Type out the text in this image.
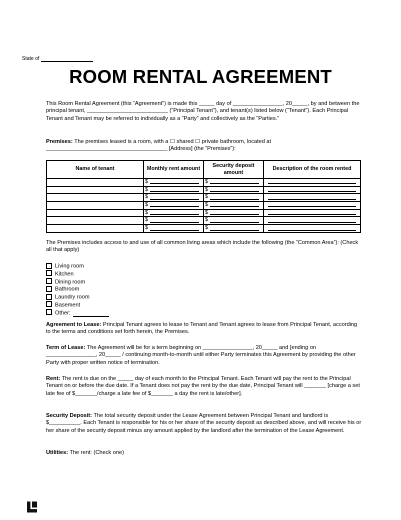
State of
ROOM RENTAL AGREEMENT
This Room Rental Agreement (this “Agreement”) is made this _____ day of ________________, 20_____, by and between the principal tenant, __________________________ (“Principal Tenant”), and tenant(s) listed below (“Tenant”). Each Principal Tenant and Tenant may be referred to individually as a “Party” and collectively as the “Parties.”
Premises: The premises leased is a room, with a ☐ shared ☐ private bathroom, located at _______________________________________ [Address] (the “Premises”):
Name of tenant	Monthly rent amount	Security deposit amount	Description of the room rented

	$	$	

	$	$	

	$	$	

	$	$	

	$	$	

	$	$	

	$	$	

The Premises includes access to and use of all common living areas which include the following (the “Common Area”): (Check all that apply)
Living room
Kitchen
Dining room
Bathroom
Laundry room
Basement
Other:
Agreement to Lease: Principal Tenant agrees to lease to Tenant and Tenant agrees to lease from Principal Tenant, according to the terms and conditions set forth herein, the Premises.
Term of Lease: The Agreement will be for a term beginning on ________________, 20_____ and [ending on ________________, 20_____ / continuing month-to-month until either Party terminates this Agreement by providing the other Party with proper written notice of termination.
Rent: The rent is due on the _____ day of each month to the Principal Tenant. Each Tenant will pay the rent to the Principal Tenant on or before the due date. If a Tenant does not pay the rent by the due date, Principal Tenant will _______ [charge a set late fee of $_______/charge a late fee of $_______ a day the rent is late/other].
Security Deposit: The total security deposit under the Lease Agreement between Principal Tenant and landlord is $__________. Each Tenant is responsible for his or her share of the security deposit as described above, and will receive his or her share of the security deposit minus any amount applied by the landlord after the termination of the Lease Agreement.
Utilities: The rent: (Check one)
